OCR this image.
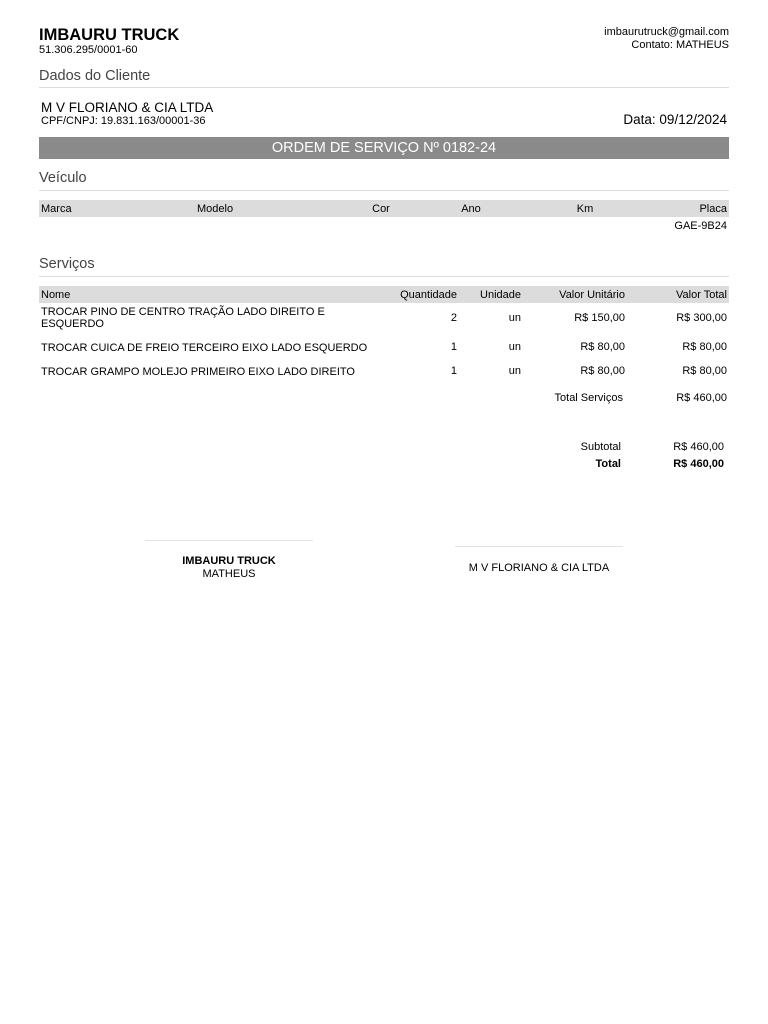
IMBAURU TRUCK
51.306.295/0001-60
imbaurutruck@gmail.com
Contato: MATHEUS
Dados do Cliente
M V FLORIANO & CIA LTDA
CPF/CNPJ: 19.831.163/00001-36	Data: 09/12/2024
ORDEM DE SERVIÇO Nº 0182-24
Veículo
Marca	Modelo	Cor	Ano	Km	Placa
					GAE-9B24
Serviços
Nome	Quantidade	Unidade	Valor Unitário	Valor Total
TROCAR PINO DE CENTRO TRAÇÃO LADO DIREITO E ESQUERDO	2	un	R$ 150,00	R$ 300,00
TROCAR CUICA DE FREIO TERCEIRO EIXO LADO ESQUERDO	1	un	R$ 80,00	R$ 80,00
TROCAR GRAMPO MOLEJO PRIMEIRO EIXO LADO DIREITO	1	un	R$ 80,00	R$ 80,00
Total Serviços	R$ 460,00
Subtotal	R$ 460,00
Total	R$ 460,00
IMBAURU TRUCK
MATHEUS	M V FLORIANO & CIA LTDA
